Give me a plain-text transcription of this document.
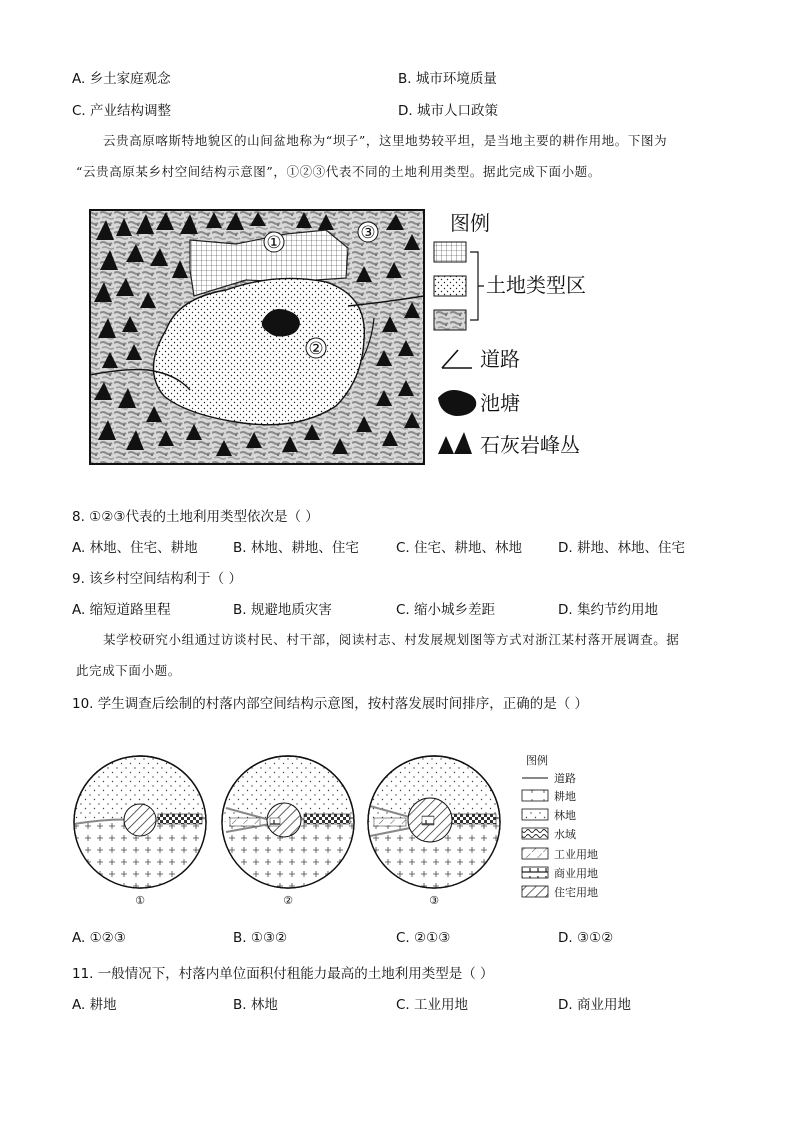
A. 乡土家庭观念	B. 城市环境质量
C. 产业结构调整	D. 城市人口政策
云贵高原喀斯特地貌区的山间盆地称为“坝子”，这里地势较平坦，是当地主要的耕作用地。下图为
“云贵高原某乡村空间结构示意图”，①②③代表不同的土地利用类型。据此完成下面小题。
①
②
③	图例
土地类型区
道路
池塘
石灰岩峰丛
8. ①②③代表的土地利用类型依次是（ ）
A. 林地、住宅、耕地	B. 林地、耕地、住宅	C. 住宅、耕地、林地	D. 耕地、林地、住宅
9. 该乡村空间结构利于（ ）
A. 缩短道路里程	B. 规避地质灾害	C. 缩小城乡差距	D. 集约节约用地
某学校研究小组通过访谈村民、村干部，阅读村志、村发展规划图等方式对浙江某村落开展调查。据
此完成下面小题。
10. 学生调查后绘制的村落内部空间结构示意图，按村落发展时间排序，正确的是（ ）
①	②	③
图例
道路
耕地
林地
水域
工业用地
商业用地
住宅用地
A. ①②③	B. ①③②	C. ②①③	D. ③①②
11. 一般情况下，村落内单位面积付租能力最高的土地利用类型是（ ）
A. 耕地	B. 林地	C. 工业用地	D. 商业用地
